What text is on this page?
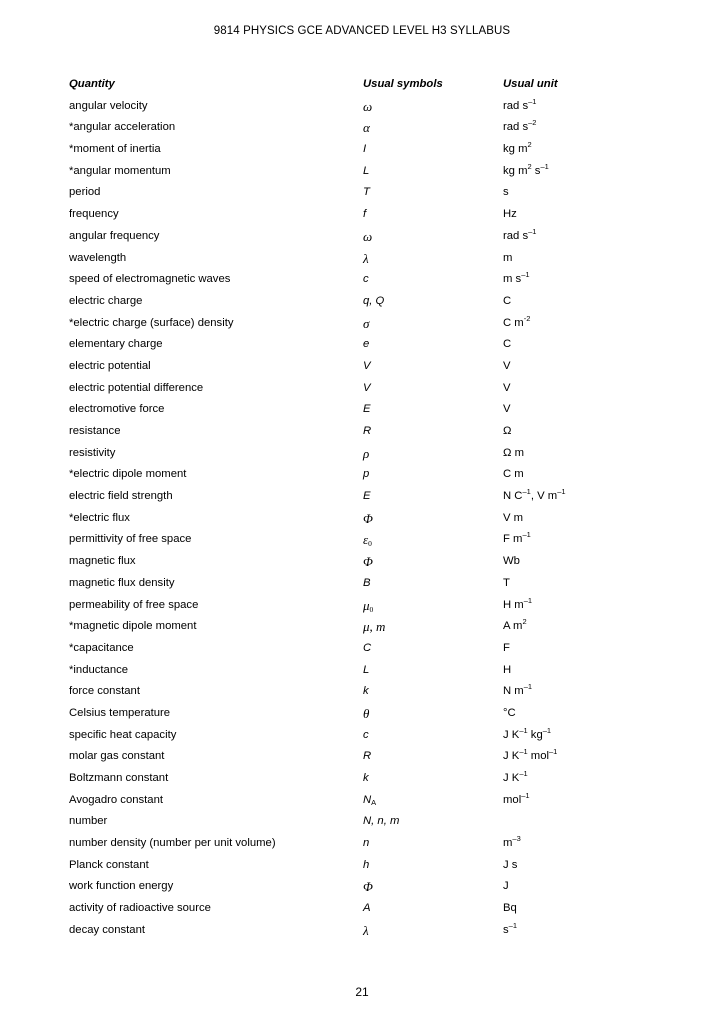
9814 PHYSICS GCE ADVANCED LEVEL H3 SYLLABUS
Quantity	Usual symbols	Usual unit
angular velocity	ω	rad $s^{-1}$
*angular acceleration	α	rad $s^{-2}$
*moment of inertia	I	kg $m^2$
*angular momentum	L	kg $m^2$ $s^{-1}$
period	T	s
frequency	f	Hz
angular frequency	ω	rad $s^{-1}$
wavelength	λ	m
speed of electromagnetic waves	c	m $s^{-1}$
electric charge	q, Q	C
*electric charge (surface) density	σ	C $m^{-2}$
elementary charge	e	C
electric potential	V	V
electric potential difference	V	V
electromotive force	E	V
resistance	R	Ω
resistivity	ρ	Ω m
*electric dipole moment	p	C m
electric field strength	E	N $C^{-1}$, V $m^{-1}$
*electric flux	Φ	V m
permittivity of free space	$\varepsilon_0$	F $m^{-1}$
magnetic flux	Φ	Wb
magnetic flux density	B	T
permeability of free space	$\mu_0$	H $m^{-1}$
*magnetic dipole moment	μ, m	A $m^2$
*capacitance	C	F
*inductance	L	H
force constant	k	N $m^{-1}$
Celsius temperature	θ	°C
specific heat capacity	c	J $K^{-1}$ $kg^{-1}$
molar gas constant	R	J $K^{-1}$ mol$^{-1}$
Boltzmann constant	k	J $K^{-1}$
Avogadro constant	$N_A$	mol$^{-1}$
number	N, n, m
number density (number per unit volume)	n	$m^{-3}$
Planck constant	h	J s
work function energy	Φ	J
activity of radioactive source	A	Bq
decay constant	λ	$s^{-1}$
21
